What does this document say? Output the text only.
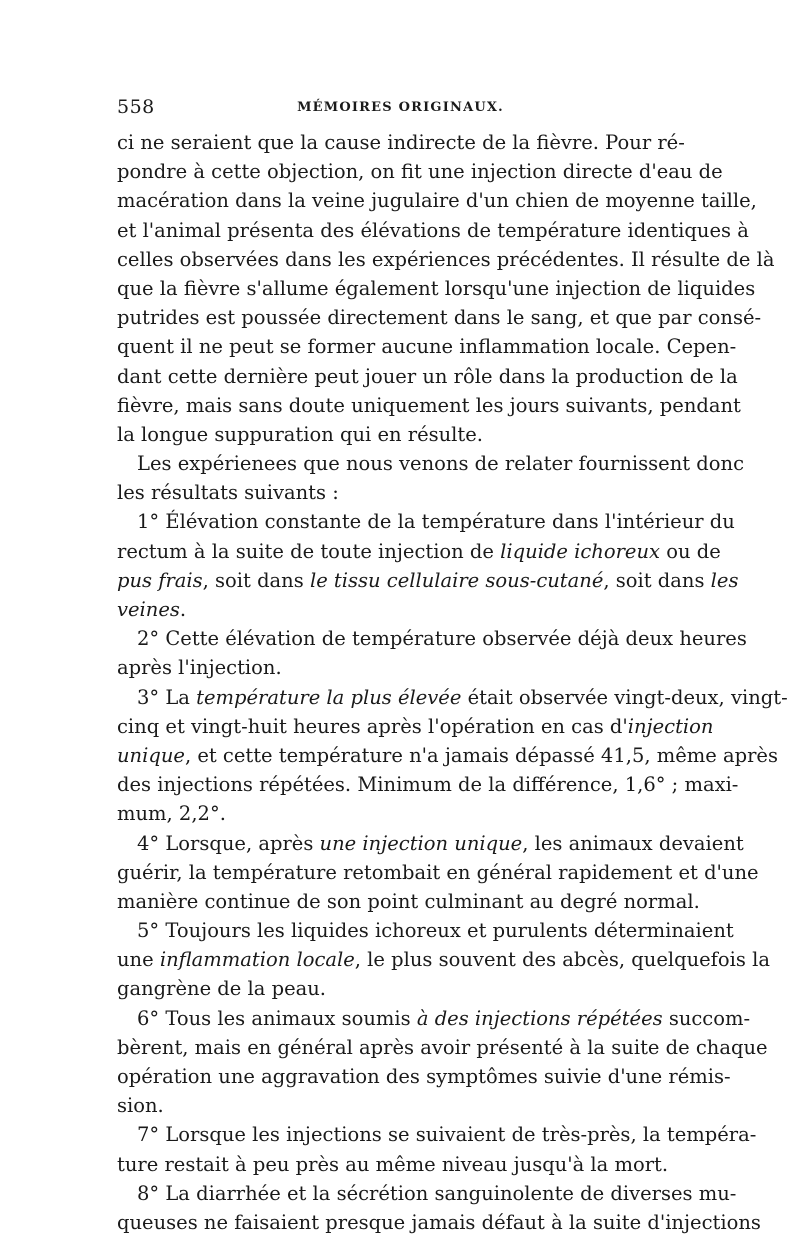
558	MÉMOIRES ORIGINAUX.
ci ne seraient que la cause indirecte de la fièvre. Pour ré-
pondre à cette objection, on fit une injection directe d'eau de
macération dans la veine jugulaire d'un chien de moyenne taille,
et l'animal présenta des élévations de température identiques à
celles observées dans les expériences précédentes. Il résulte de là
que la fièvre s'allume également lorsqu'une injection de liquides
putrides est poussée directement dans le sang, et que par consé-
quent il ne peut se former aucune inflammation locale. Cepen-
dant cette dernière peut jouer un rôle dans la production de la
fièvre, mais sans doute uniquement les jours suivants, pendant
la longue suppuration qui en résulte.
Les expérienees que nous venons de relater fournissent donc
les résultats suivants :
1° Élévation constante de la température dans l'intérieur du
rectum à la suite de toute injection de liquide ichoreux ou de
pus frais, soit dans le tissu cellulaire sous-cutané, soit dans les
veines.
2° Cette élévation de température observée déjà deux heures
après l'injection.
3° La température la plus élevée était observée vingt-deux, vingt-
cinq et vingt-huit heures après l'opération en cas d'injection
unique, et cette température n'a jamais dépassé 41,5, même après
des injections répétées. Minimum de la différence, 1,6° ; maxi-
mum, 2,2°.
4° Lorsque, après une injection unique, les animaux devaient
guérir, la température retombait en général rapidement et d'une
manière continue de son point culminant au degré normal.
5° Toujours les liquides ichoreux et purulents déterminaient
une inflammation locale, le plus souvent des abcès, quelquefois la
gangrène de la peau.
6° Tous les animaux soumis à des injections répétées succom-
bèrent, mais en général après avoir présenté à la suite de chaque
opération une aggravation des symptômes suivie d'une rémis-
sion.
7° Lorsque les injections se suivaient de très-près, la tempéra-
ture restait à peu près au même niveau jusqu'à la mort.
8° La diarrhée et la sécrétion sanguinolente de diverses mu-
queuses ne faisaient presque jamais défaut à la suite d'injections
